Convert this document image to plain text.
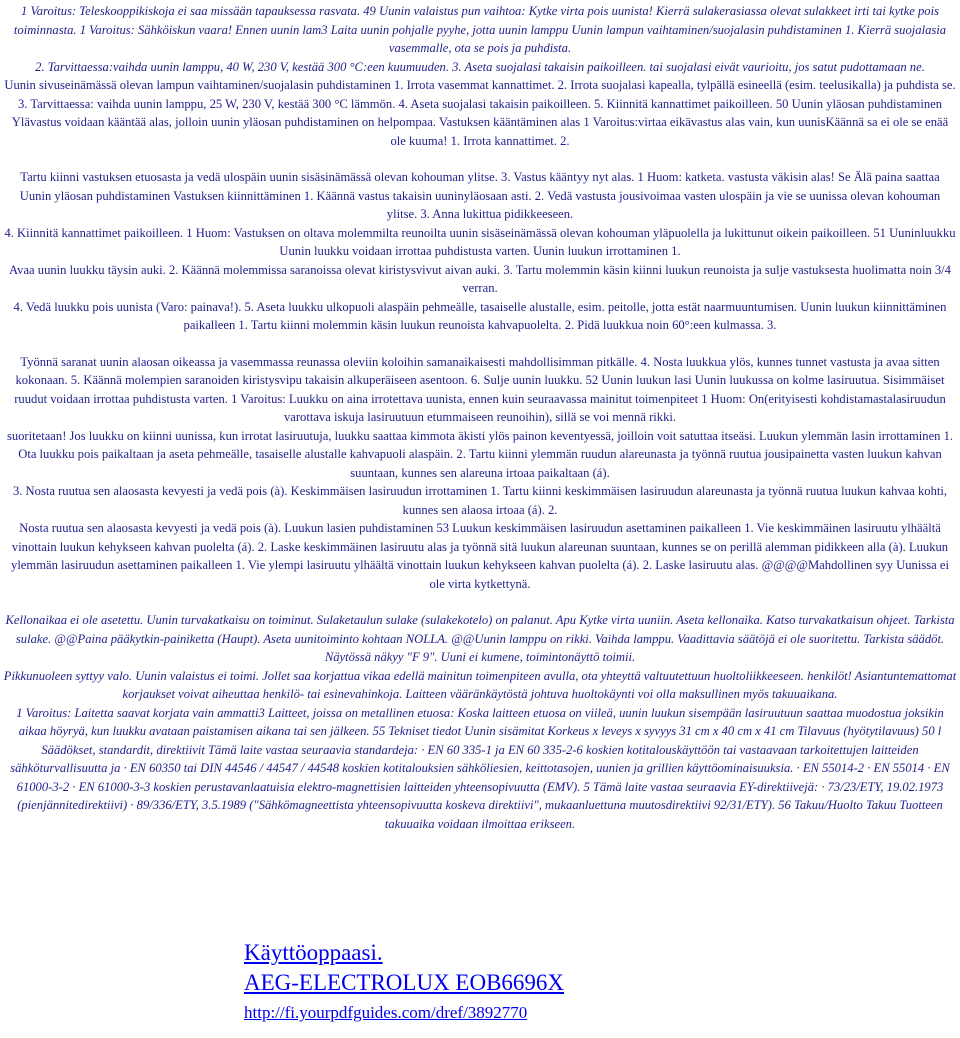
1 Varoitus: Teleskooppikiskoja ei saa missään tapauksessa rasvata. 49 Uunin valaistus pun vaihtoa: Kytke virta pois uunista! Kierrä sulakerasiassa olevat sulakkeet irti tai kytke pois toiminnasta. 1 Varoitus: Sähköiskun vaara! Ennen uunin lam3 Laita uunin pohjalle pyyhe, jotta uunin lamppu Uunin lampun vaihtaminen/suojalasin puhdistaminen 1. Kierrä suojalasia vasemmalle, ota se pois ja puhdista.

2. Tarvittaessa:vaihda uunin lamppu, 40 W, 230 V, kestää 300 °C:een kuumuuden. 3. Aseta suojalasi takaisin paikoilleen. tai suojalasi eivät vaurioitu, jos satut pudottamaan ne.

Uunin sivuseinämässä olevan lampun vaihtaminen/suojalasin puhdistaminen 1. Irrota vasemmat kannattimet. 2. Irrota suojalasi kapealla, tylpällä esineellä (esim. teelusikalla) ja puhdista se.

3. Tarvittaessa: vaihda uunin lamppu, 25 W, 230 V, kestää 300 °C lämmön. 4. Aseta suojalasi takaisin paikoilleen. 5. Kiinnitä kannattimet paikoilleen. 50 Uunin yläosan puhdistaminen Ylävastus voidaan kääntää alas, jolloin uunin yläosan puhdistaminen on helpompaa. Vastuksen kääntäminen alas 1 Varoitus:virtaa eikävastus alas vain, kun uunisKäännä sa ei ole se enää ole kuuma! 1. Irrota kannattimet. 2.

Tartu kiinni vastuksen etuosasta ja vedä ulospäin uunin sisäsinämässä olevan kohouman ylitse. 3. Vastus kääntyy nyt alas. 1 Huom: katketa. vastusta väkisin alas! Se Älä paina saattaa Uunin yläosan puhdistaminen Vastuksen kiinnittäminen 1. Käännä vastus takaisin uuninyläosaan asti. 2. Vedä vastusta jousivoimaa vasten ulospäin ja vie se uunissa olevan kohouman ylitse. 3. Anna lukittua pidikkeeseen.

4. Kiinnitä kannattimet paikoilleen. 1 Huom: Vastuksen on oltava molemmilta reunoilta uunin sisäseinämässä olevan kohouman yläpuolella ja lukittunut oikein paikoilleen. 51 Uuninluukku Uunin luukku voidaan irrottaa puhdistusta varten. Uunin luukun irrottaminen 1.

Avaa uunin luukku täysin auki. 2. Käännä molemmissa saranoissa olevat kiristysvivut aivan auki. 3. Tartu molemmin käsin kiinni luukun reunoista ja sulje vastuksesta huolimatta noin 3/4 verran.

4. Vedä luukku pois uunista (Varo: painava!). 5. Aseta luukku ulkopuoli alaspäin pehmeälle, tasaiselle alustalle, esim. peitolle, jotta estät naarmuuntumisen. Uunin luukun kiinnittäminen paikalleen 1. Tartu kiinni molemmin käsin luukun reunoista kahvapuolelta. 2. Pidä luukkua noin 60°:een kulmassa. 3.

Työnnä saranat uunin alaosan oikeassa ja vasemmassa reunassa oleviin koloihin samanaikaisesti mahdollisimman pitkälle. 4. Nosta luukkua ylös, kunnes tunnet vastusta ja avaa sitten kokonaan. 5. Käännä molempien saranoiden kiristysvipu takaisin alkuperäiseen asentoon. 6. Sulje uunin luukku. 52 Uunin luukun lasi Uunin luukussa on kolme lasiruutua. Sisimmäiset ruudut voidaan irrottaa puhdistusta varten. 1 Varoitus: Luukku on aina irrotettava uunista, ennen kuin seuraavassa mainitut toimenpiteet 1 Huom: On(erityisesti kohdistamastalasiruudun varottava iskuja lasiruutuun etummaiseen reunoihin), sillä se voi mennä rikki.

suoritetaan! Jos luukku on kiinni uunissa, kun irrotat lasiruutuja, luukku saattaa kimmota äkisti ylös painon keventyessä, joilloin voit satuttaa itseäsi. Luukun ylemmän lasin irrottaminen 1. Ota luukku pois paikaltaan ja aseta pehmeälle, tasaiselle alustalle kahvapuoli alaspäin. 2. Tartu kiinni ylemmän ruudun alareunasta ja työnnä ruutua jousipainetta vasten luukun kahvan suuntaan, kunnes sen alareuna irtoaa paikaltaan (á).

3. Nosta ruutua sen alaosasta kevyesti ja vedä pois (à). Keskimmäisen lasiruudun irrottaminen 1. Tartu kiinni keskimmäisen lasiruudun alareunasta ja työnnä ruutua luukun kahvaa kohti, kunnes sen alaosa irtoaa (á). 2.

Nosta ruutua sen alaosasta kevyesti ja vedä pois (à). Luukun lasien puhdistaminen 53 Luukun keskimmäisen lasiruudun asettaminen paikalleen 1. Vie keskimmäinen lasiruutu ylhäältä vinottain luukun kehykseen kahvan puolelta (á). 2. Laske keskimmäinen lasiruutu alas ja työnnä sitä luukun alareunan suuntaan, kunnes se on perillä alemman pidikkeen alla (à). Luukun ylemmän lasiruudun asettaminen paikalleen 1. Vie ylempi lasiruutu ylhäältä vinottain luukun kehykseen kahvan puolelta (á). 2. Laske lasiruutu alas. @@@@Mahdollinen syy Uunissa ei ole virta kytkettynä.

Kellonaikaa ei ole asetettu. Uunin turvakatkaisu on toiminut. Sulaketaulun sulake (sulakekotelo) on palanut. Apu Kytke virta uuniin. Aseta kellonaika. Katso turvakatkaisun ohjeet. Tarkista sulake. @@Paina pääkytkin-painiketta (Haupt). Aseta uunitoiminto kohtaan NOLLA. @@Uunin lamppu on rikki. Vaihda lamppu. Vaadittavia säätöjä ei ole suoritettu. Tarkista säädöt. Näytössä näkyy "F 9". Uuni ei kumene, toimintonäyttö toimii.

Pikkunuoleen syttyy valo. Uunin valaistus ei toimi. Jollet saa korjattua vikaa edellä mainitun toimenpiteen avulla, ota yhteyttä valtuutettuun huoltoliikkeeseen. henkilöt! Asiantuntemattomat korjaukset voivat aiheuttaa henkilö- tai esinevahinkoja. Laitteen vääränkäytöstä johtuva huoltokäynti voi olla maksullinen myös takuuaikana.

1 Varoitus: Laitetta saavat korjata vain ammatti3 Laitteet, joissa on metallinen etuosa: Koska laitteen etuosa on viileä, uunin luukun sisempään lasiruutuun saattaa muodostua joksikin aikaa höyryä, kun luukku avataan paistamisen aikana tai sen jälkeen. 55 Tekniset tiedot Uunin sisämitat Korkeus x leveys x syvyys 31 cm x 40 cm x 41 cm Tilavuus (hyötytilavuus) 50 l Säädökset, standardit, direktiivit Tämä laite vastaa seuraavia standardeja: · EN 60 335-1 ja EN 60 335-2-6 koskien kotitalouskäyttöön tai vastaavaan tarkoitettujen laitteiden sähköturvallisuutta ja · EN 60350 tai DIN 44546 / 44547 / 44548 koskien kotitalouksien sähköliesien, keittotasojen, uunien ja grillien käyttöominaisuuksia. · EN 55014-2 · EN 55014 · EN 61000-3-2 · EN 61000-3-3 koskien perustavanlaatuisia elektro-magnettisien laitteiden yhteensopivuutta (EMV). 5 Tämä laite vastaa seuraavia EY-direktiivejä: · 73/23/ETY, 19.02.1973 (pienjännitedirektiivi) · 89/336/ETY, 3.5.1989 ("Sähkömagneettista yhteensopivuutta koskeva direktiivi", mukaanluettuna muutosdirektiivi 92/31/ETY). 56 Takuu/Huolto Takuu Tuotteen takuuaika voidaan ilmoittaa erikseen.

Käyttöoppaasi.
AEG-ELECTROLUX EOB6696X
http://fi.yourpdfguides.com/dref/3892770
